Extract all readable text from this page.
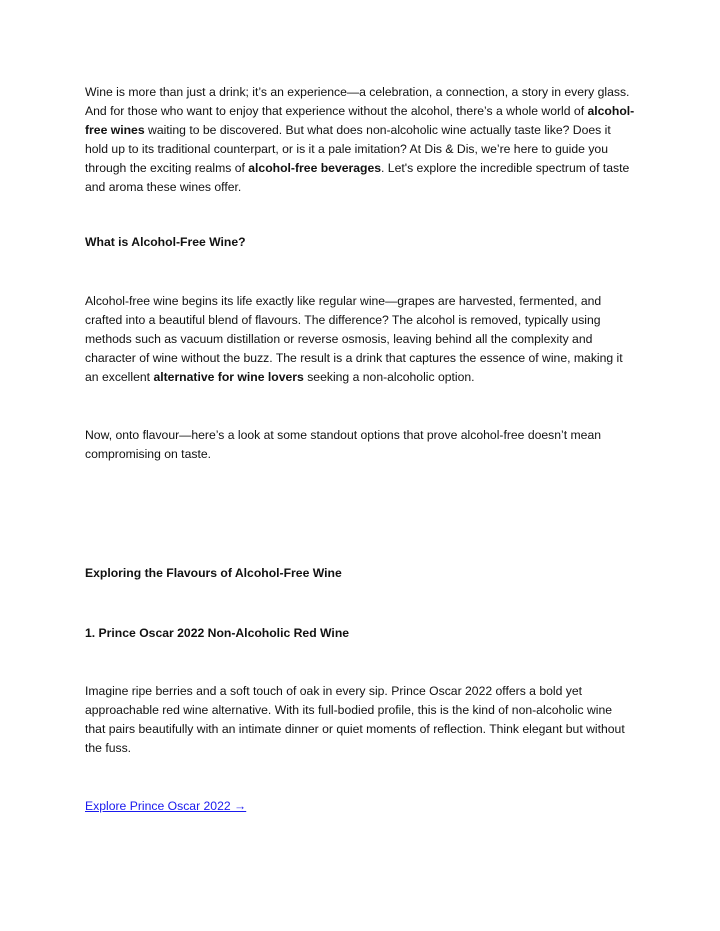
Wine is more than just a drink; it’s an experience—a celebration, a connection, a story in every glass. And for those who want to enjoy that experience without the alcohol, there’s a whole world of alcohol-free wines waiting to be discovered. But what does non-alcoholic wine actually taste like? Does it hold up to its traditional counterpart, or is it a pale imitation? At Dis & Dis, we’re here to guide you through the exciting realms of alcohol-free beverages. Let's explore the incredible spectrum of taste and aroma these wines offer.

What is Alcohol-Free Wine?

Alcohol-free wine begins its life exactly like regular wine—grapes are harvested, fermented, and crafted into a beautiful blend of flavours. The difference? The alcohol is removed, typically using methods such as vacuum distillation or reverse osmosis, leaving behind all the complexity and character of wine without the buzz. The result is a drink that captures the essence of wine, making it an excellent alternative for wine lovers seeking a non-alcoholic option.

Now, onto flavour—here’s a look at some standout options that prove alcohol-free doesn’t mean compromising on taste.

Exploring the Flavours of Alcohol-Free Wine

1. Prince Oscar 2022 Non-Alcoholic Red Wine

Imagine ripe berries and a soft touch of oak in every sip. Prince Oscar 2022 offers a bold yet approachable red wine alternative. With its full-bodied profile, this is the kind of non-alcoholic wine that pairs beautifully with an intimate dinner or quiet moments of reflection. Think elegant but without the fuss.

Explore Prince Oscar 2022 →
